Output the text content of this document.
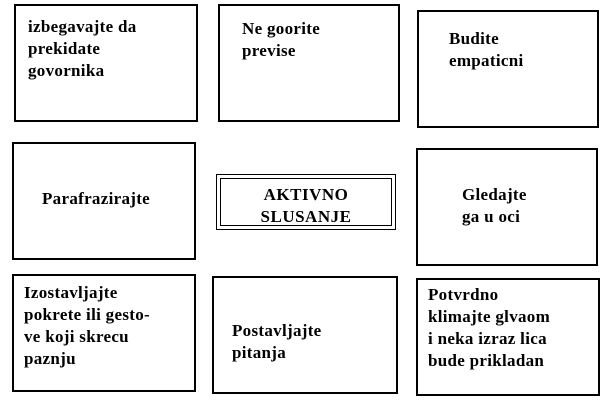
izbegavajte da
prekidate
govornika
Ne goorite
previse
Budite
empaticni
Parafrazirajte	AKTIVNO
SLUSANJE
Gledajte
ga u oci
Izostavljajte
pokrete ili gesto-
ve koji skrecu
paznju
Postavljajte
pitanja
Potvrdno
klimajte glvaom
i neka izraz lica
bude prikladan
